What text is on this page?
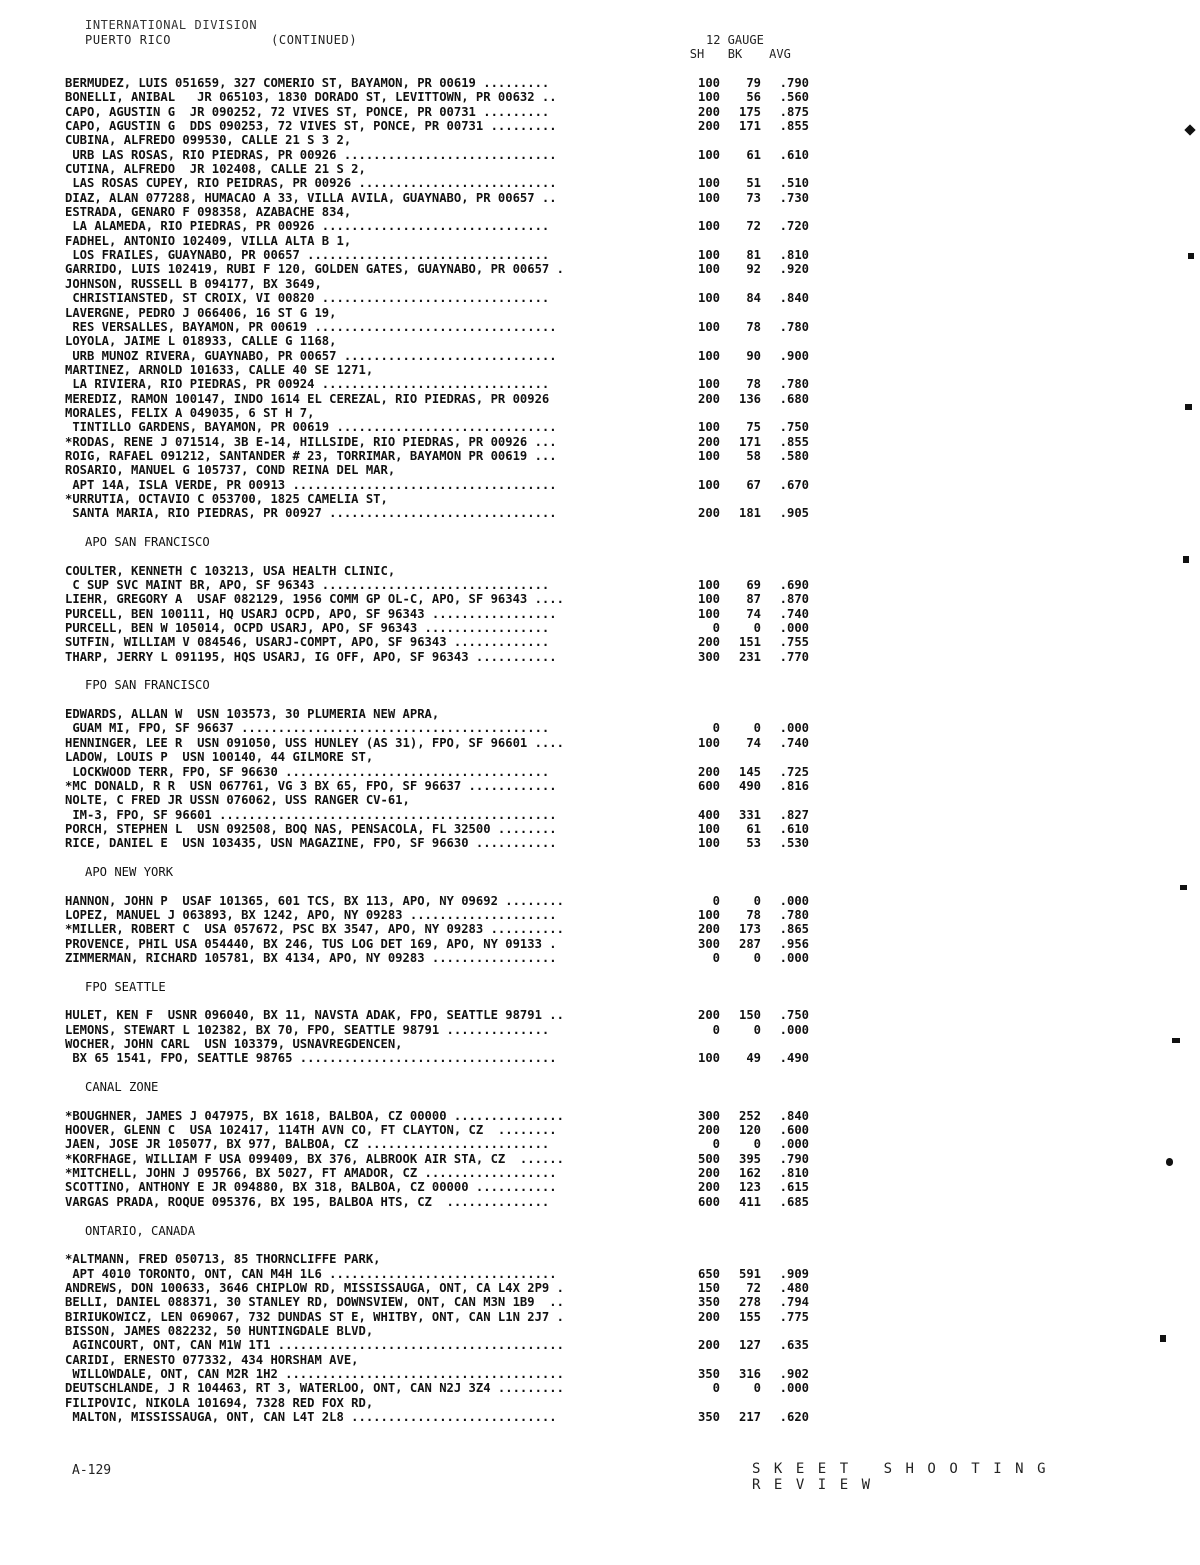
INTERNATIONAL DIVISION
PUERTO RICO	(CONTINUED)	12 GAUGE
SH	BK	AVG
BERMUDEZ, LUIS 051659, 327 COMERIO ST, BAYAMON, PR 00619 .........	100	79	.790
BONELLI, ANIBAL   JR 065103, 1830 DORADO ST, LEVITTOWN, PR 00632 ..	100	56	.560
CAPO, AGUSTIN G  JR 090252, 72 VIVES ST, PONCE, PR 00731 .........	200	175	.875
CAPO, AGUSTIN G  DDS 090253, 72 VIVES ST, PONCE, PR 00731 .........	200	171	.855
CUBINA, ALFREDO 099530, CALLE 21 S 3 2,
URB LAS ROSAS, RIO PIEDRAS, PR 00926 .............................	100	61	.610
CUTINA, ALFREDO  JR 102408, CALLE 21 S 2,
LAS ROSAS CUPEY, RIO PEIDRAS, PR 00926 ...........................	100	51	.510
DIAZ, ALAN 077288, HUMACAO A 33, VILLA AVILA, GUAYNABO, PR 00657 ..	100	73	.730
ESTRADA, GENARO F 098358, AZABACHE 834,
LA ALAMEDA, RIO PIEDRAS, PR 00926 ...............................	100	72	.720
FADHEL, ANTONIO 102409, VILLA ALTA B 1,
LOS FRAILES, GUAYNABO, PR 00657 .................................	100	81	.810
GARRIDO, LUIS 102419, RUBI F 120, GOLDEN GATES, GUAYNABO, PR 00657 .	100	92	.920
JOHNSON, RUSSELL B 094177, BX 3649,
CHRISTIANSTED, ST CROIX, VI 00820 ...............................	100	84	.840
LAVERGNE, PEDRO J 066406, 16 ST G 19,
RES VERSALLES, BAYAMON, PR 00619 .................................	100	78	.780
LOYOLA, JAIME L 018933, CALLE G 1168,
URB MUNOZ RIVERA, GUAYNABO, PR 00657 .............................	100	90	.900
MARTINEZ, ARNOLD 101633, CALLE 40 SE 1271,
LA RIVIERA, RIO PIEDRAS, PR 00924 ...............................	100	78	.780
MEREDIZ, RAMON 100147, INDO 1614 EL CEREZAL, RIO PIEDRAS, PR 00926	200	136	.680
MORALES, FELIX A 049035, 6 ST H 7,
TINTILLO GARDENS, BAYAMON, PR 00619 ..............................	100	75	.750
*RODAS, RENE J 071514, 3B E-14, HILLSIDE, RIO PIEDRAS, PR 00926 ...	200	171	.855
ROIG, RAFAEL 091212, SANTANDER # 23, TORRIMAR, BAYAMON PR 00619 ...	100	58	.580
ROSARIO, MANUEL G 105737, COND REINA DEL MAR,
APT 14A, ISLA VERDE, PR 00913 ....................................	100	67	.670
*URRUTIA, OCTAVIO C 053700, 1825 CAMELIA ST,
SANTA MARIA, RIO PIEDRAS, PR 00927 ...............................	200	181	.905
APO SAN FRANCISCO
COULTER, KENNETH C 103213, USA HEALTH CLINIC,
C SUP SVC MAINT BR, APO, SF 96343 ...............................	100	69	.690
LIEHR, GREGORY A  USAF 082129, 1956 COMM GP OL-C, APO, SF 96343 ....	100	87	.870
PURCELL, BEN 100111, HQ USARJ OCPD, APO, SF 96343 .................	100	74	.740
PURCELL, BEN W 105014, OCPD USARJ, APO, SF 96343 .................	0	0	.000
SUTFIN, WILLIAM V 084546, USARJ-COMPT, APO, SF 96343 .............	200	151	.755
THARP, JERRY L 091195, HQS USARJ, IG OFF, APO, SF 96343 ...........	300	231	.770
FPO SAN FRANCISCO
EDWARDS, ALLAN W  USN 103573, 30 PLUMERIA NEW APRA,
GUAM MI, FPO, SF 96637 ..........................................	0	0	.000
HENNINGER, LEE R  USN 091050, USS HUNLEY (AS 31), FPO, SF 96601 ....	100	74	.740
LADOW, LOUIS P  USN 100140, 44 GILMORE ST,
LOCKWOOD TERR, FPO, SF 96630 ....................................	200	145	.725
*MC DONALD, R R  USN 067761, VG 3 BX 65, FPO, SF 96637 ............	600	490	.816
NOLTE, C FRED JR USSN 076062, USS RANGER CV-61,
IM-3, FPO, SF 96601 ..............................................	400	331	.827
PORCH, STEPHEN L  USN 092508, BOQ NAS, PENSACOLA, FL 32500 ........	100	61	.610
RICE, DANIEL E  USN 103435, USN MAGAZINE, FPO, SF 96630 ...........	100	53	.530
APO NEW YORK
HANNON, JOHN P  USAF 101365, 601 TCS, BX 113, APO, NY 09692 ........	0	0	.000
LOPEZ, MANUEL J 063893, BX 1242, APO, NY 09283 ....................	100	78	.780
*MILLER, ROBERT C  USA 057672, PSC BX 3547, APO, NY 09283 ..........	200	173	.865
PROVENCE, PHIL USA 054440, BX 246, TUS LOG DET 169, APO, NY 09133 .	300	287	.956
ZIMMERMAN, RICHARD 105781, BX 4134, APO, NY 09283 .................	0	0	.000
FPO SEATTLE
HULET, KEN F  USNR 096040, BX 11, NAVSTA ADAK, FPO, SEATTLE 98791 ..	200	150	.750
LEMONS, STEWART L 102382, BX 70, FPO, SEATTLE 98791 ..............	0	0	.000
WOCHER, JOHN CARL  USN 103379, USNAVREGDENCEN,
BX 65 1541, FPO, SEATTLE 98765 ...................................	100	49	.490
CANAL ZONE
*BOUGHNER, JAMES J 047975, BX 1618, BALBOA, CZ 00000 ...............	300	252	.840
HOOVER, GLENN C  USA 102417, 114TH AVN CO, FT CLAYTON, CZ  ........	200	120	.600
JAEN, JOSE JR 105077, BX 977, BALBOA, CZ .........................	0	0	.000
*KORFHAGE, WILLIAM F USA 099409, BX 376, ALBROOK AIR STA, CZ  ......	500	395	.790
*MITCHELL, JOHN J 095766, BX 5027, FT AMADOR, CZ ..................	200	162	.810
SCOTTINO, ANTHONY E JR 094880, BX 318, BALBOA, CZ 00000 ...........	200	123	.615
VARGAS PRADA, ROQUE 095376, BX 195, BALBOA HTS, CZ  ..............	600	411	.685
ONTARIO, CANADA
*ALTMANN, FRED 050713, 85 THORNCLIFFE PARK,
APT 4010 TORONTO, ONT, CAN M4H 1L6 ...............................	650	591	.909
ANDREWS, DON 100633, 3646 CHIPLOW RD, MISSISSAUGA, ONT, CA L4X 2P9 .	150	72	.480
BELLI, DANIEL 088371, 30 STANLEY RD, DOWNSVIEW, ONT, CAN M3N 1B9  ..	350	278	.794
BIRIUKOWICZ, LEN 069067, 732 DUNDAS ST E, WHITBY, ONT, CAN L1N 2J7 .	200	155	.775
BISSON, JAMES 082232, 50 HUNTINGDALE BLVD,
AGINCOURT, ONT, CAN M1W 1T1 .......................................	200	127	.635
CARIDI, ERNESTO 077332, 434 HORSHAM AVE,
WILLOWDALE, ONT, CAN M2R 1H2 ......................................	350	316	.902
DEUTSCHLANDE, J R 104463, RT 3, WATERLOO, ONT, CAN N2J 3Z4 .........	0	0	.000
FILIPOVIC, NIKOLA 101694, 7328 RED FOX RD,
MALTON, MISSISSAUGA, ONT, CAN L4T 2L8 ............................	350	217	.620
A-129	SKEET SHOOTING REVIEW
